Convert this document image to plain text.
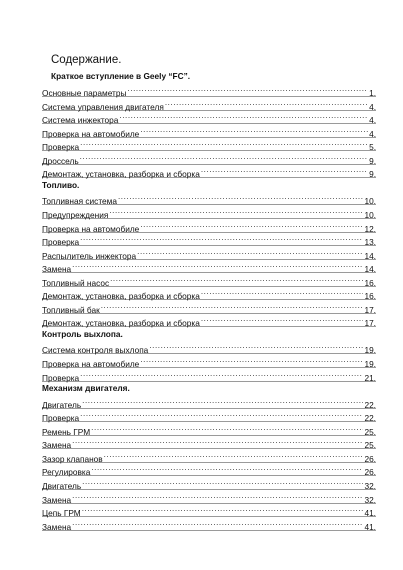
Содержание.
Краткое вступление в Geely “FC”.
Основные параметры .....	1.
Система управления двигателя .....	4.
Система инжектора .....	4.
Проверка на автомобиле .....	4.
Проверка .....	5.
Дроссель .....	9.
Демонтаж, установка, разборка и сборка .....	9.
Топливо.
Топливная система .....	10.
Предупреждения .....	10.
Проверка на автомобиле .....	12.
Проверка .....	13.
Распылитель инжектора .....	14.
Замена .....	14.
Топливный насос .....	16.
Демонтаж, установка, разборка и сборка .....	16.
Топливный бак .....	17.
Демонтаж, установка, разборка и сборка .....	17.
Контроль выхлопа.
Система контроля выхлопа .....	19.
Проверка на автомобиле .....	19.
Проверка .....	21.
Механизм двигателя.
Двигатель .....	22.
Проверка .....	22.
Ремень ГРМ .....	25.
Замена .....	25.
Зазор клапанов .....	26.
Регулировка .....	26.
Двигатель .....	32.
Замена .....	32.
Цепь ГРМ .....	41.
Замена .....	41.
